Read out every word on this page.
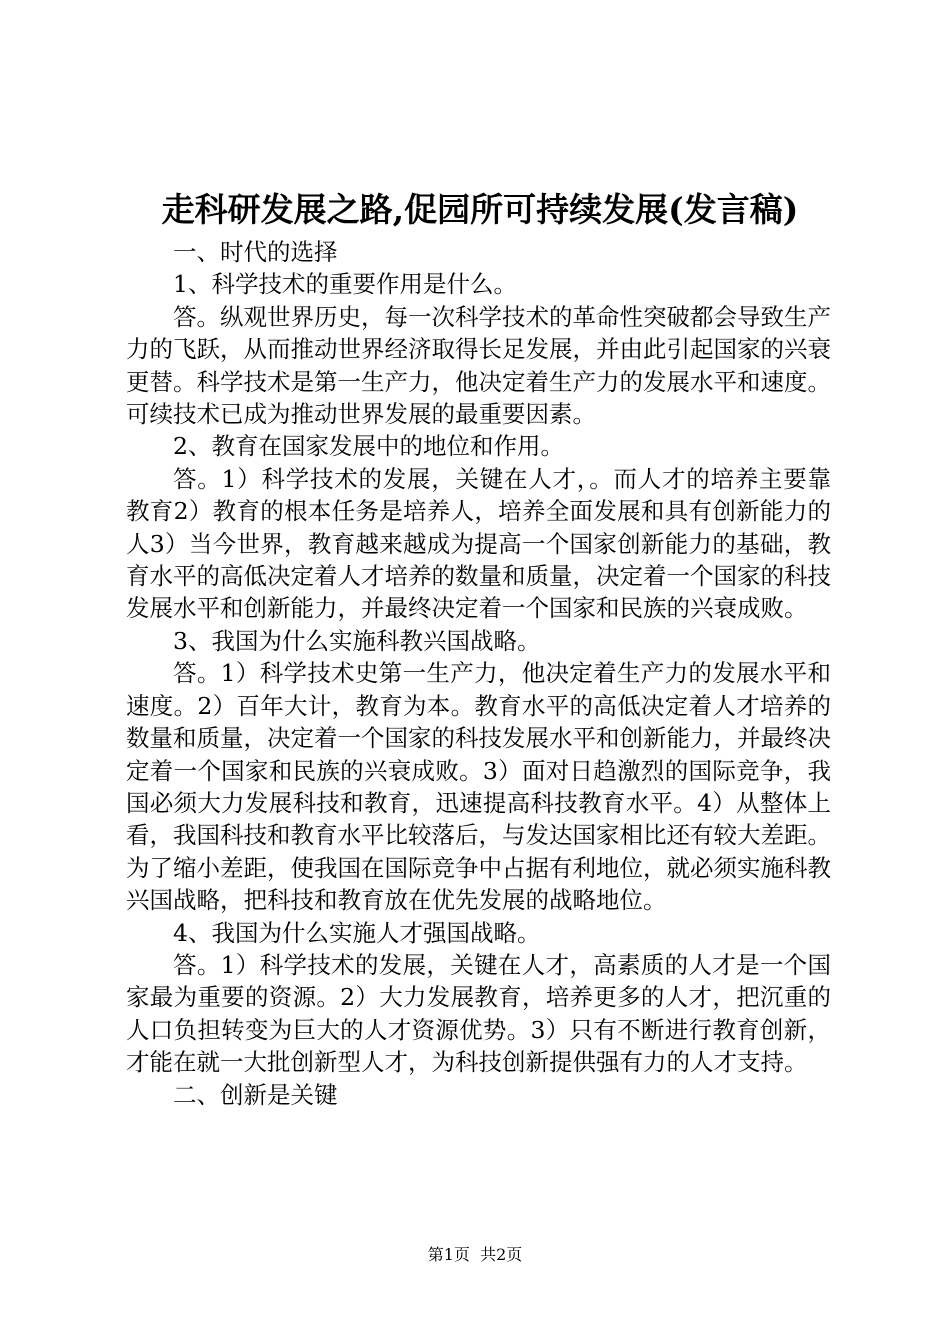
走科研发展之路,促园所可持续发展(发言稿)

一、时代的选择

1、科学技术的重要作用是什么。

答。纵观世界历史，每一次科学技术的革命性突破都会导致生产力的飞跃，从而推动世界经济取得长足发展，并由此引起国家的兴衰更替。科学技术是第一生产力，他决定着生产力的发展水平和速度。可续技术已成为推动世界发展的最重要因素。

2、教育在国家发展中的地位和作用。

答。1）科学技术的发展，关键在人才，。而人才的培养主要靠教育2）教育的根本任务是培养人，培养全面发展和具有创新能力的人3）当今世界，教育越来越成为提高一个国家创新能力的基础，教育水平的高低决定着人才培养的数量和质量，决定着一个国家的科技发展水平和创新能力，并最终决定着一个国家和民族的兴衰成败。

3、我国为什么实施科教兴国战略。

答。1）科学技术史第一生产力，他决定着生产力的发展水平和速度。2）百年大计，教育为本。教育水平的高低决定着人才培养的数量和质量，决定着一个国家的科技发展水平和创新能力，并最终决定着一个国家和民族的兴衰成败。3）面对日趋激烈的国际竞争，我国必须大力发展科技和教育，迅速提高科技教育水平。4）从整体上看，我国科技和教育水平比较落后，与发达国家相比还有较大差距。为了缩小差距，使我国在国际竞争中占据有利地位，就必须实施科教兴国战略，把科技和教育放在优先发展的战略地位。

4、我国为什么实施人才强国战略。

答。1）科学技术的发展，关键在人才，高素质的人才是一个国家最为重要的资源。2）大力发展教育，培养更多的人才，把沉重的人口负担转变为巨大的人才资源优势。3）只有不断进行教育创新，才能在就一大批创新型人才，为科技创新提供强有力的人才支持。

二、创新是关键

第1页  共2页
